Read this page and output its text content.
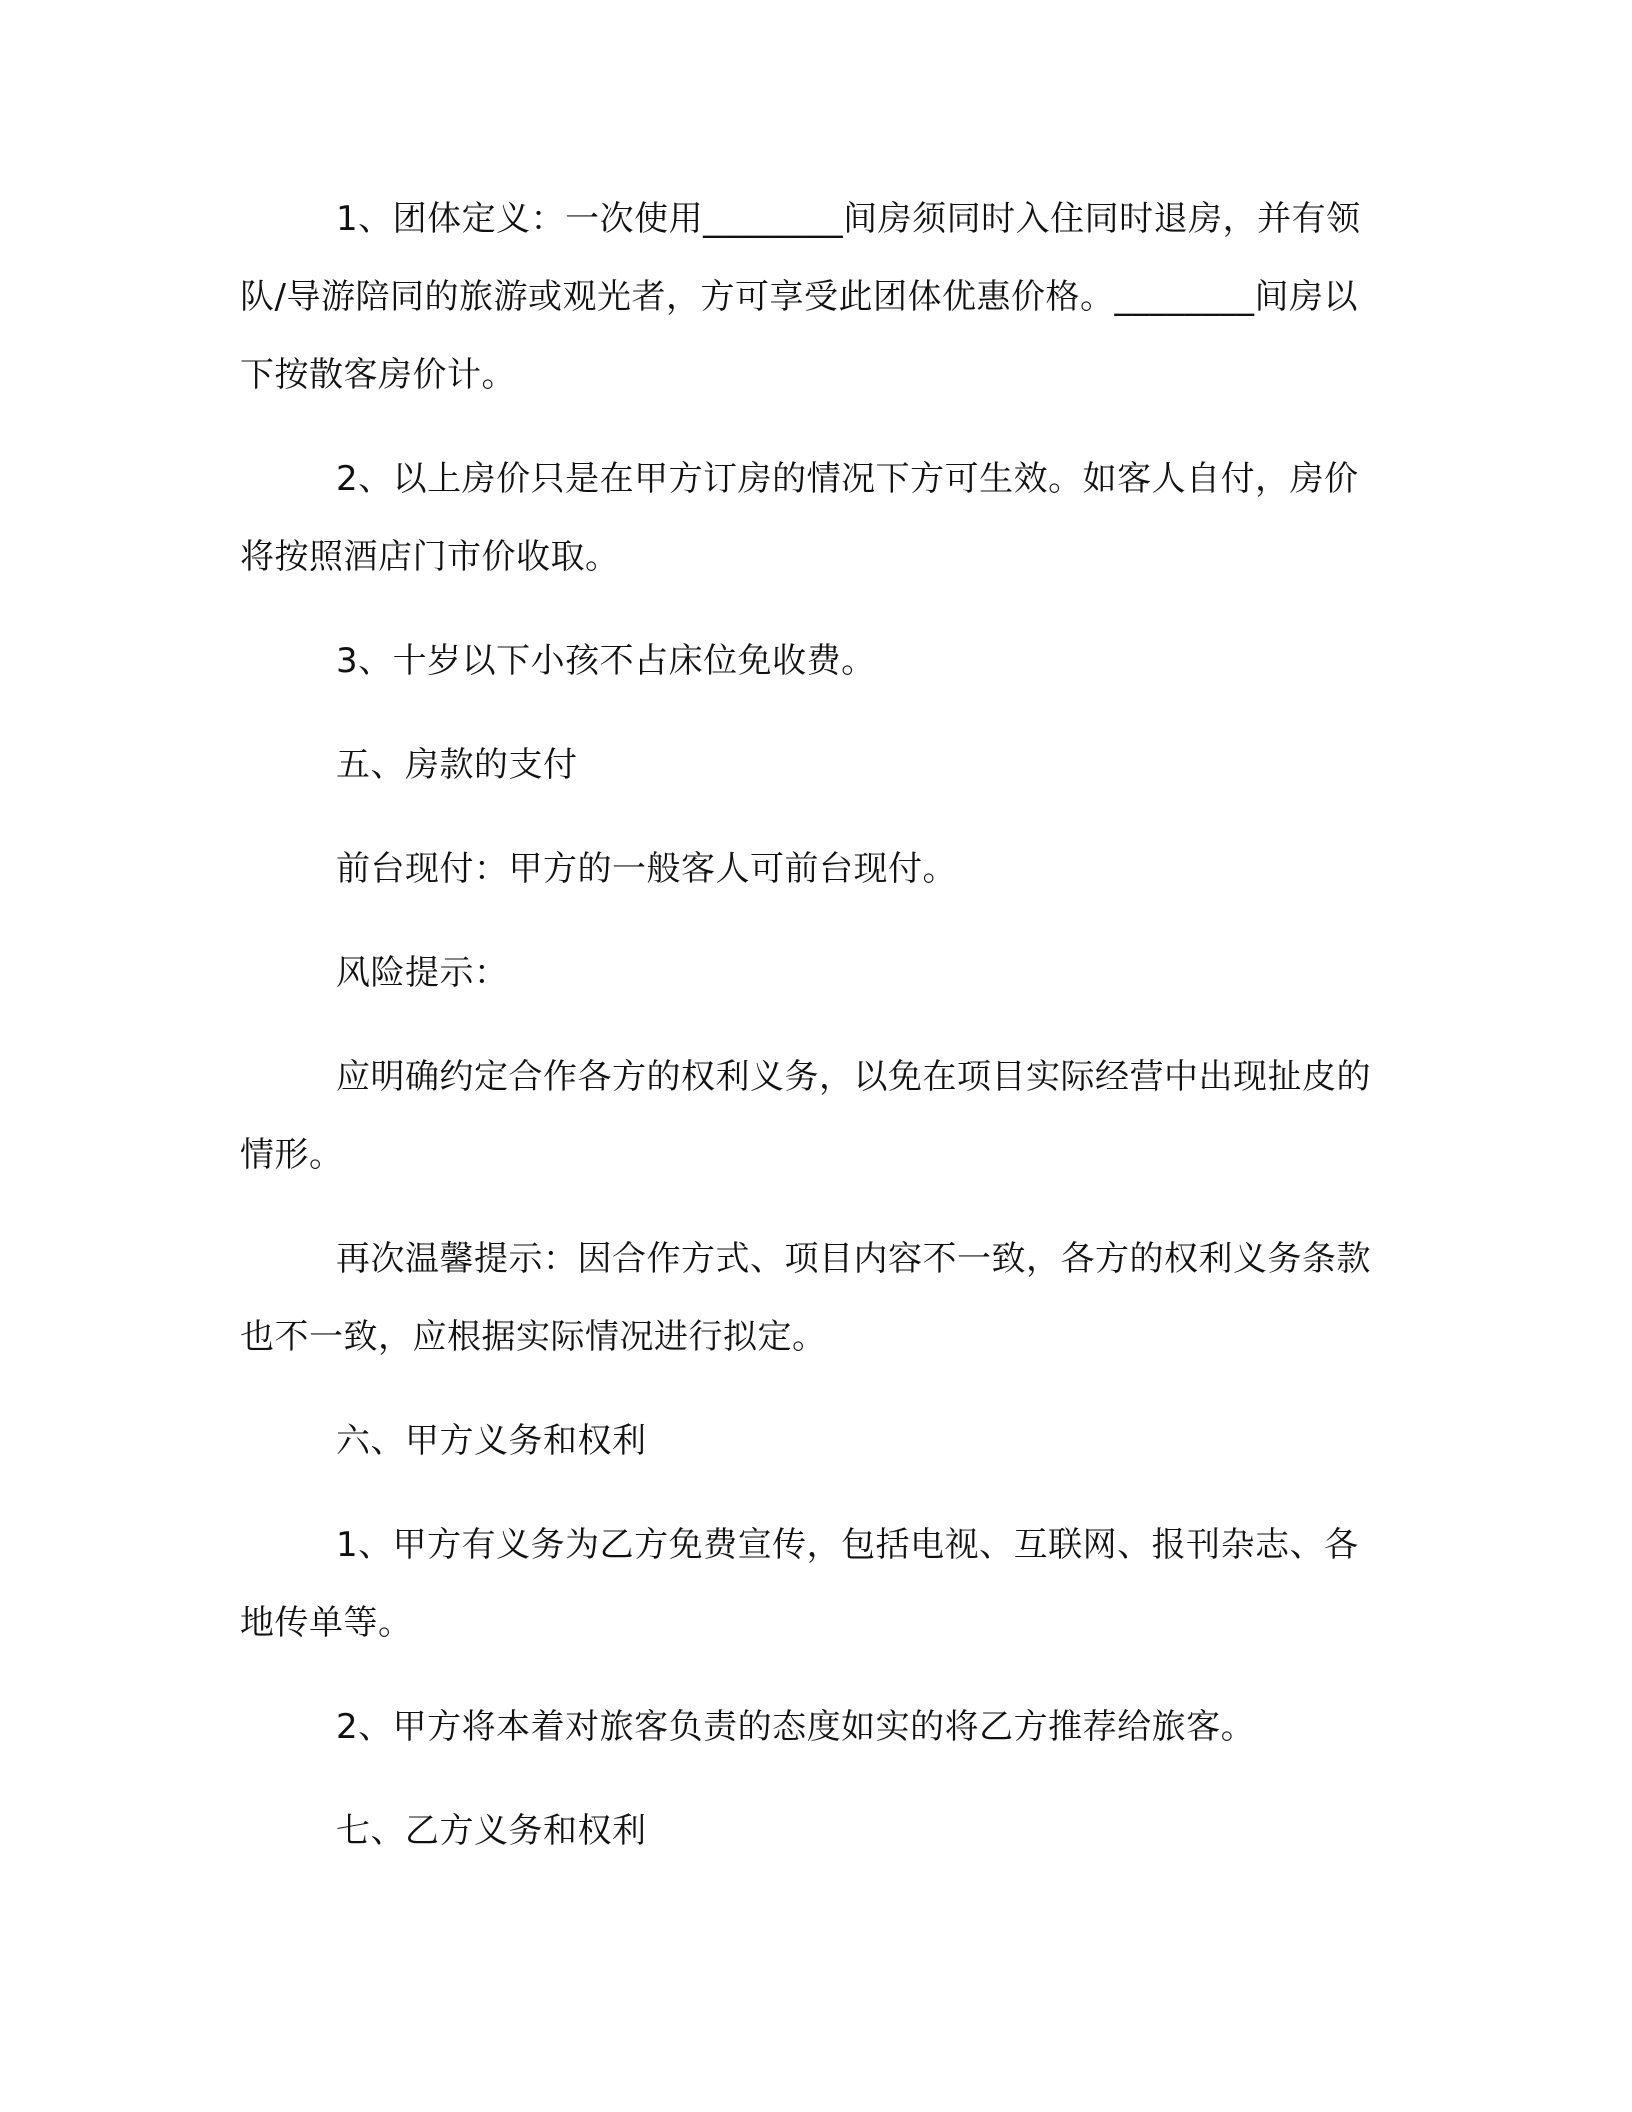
1、团体定义：一次使用________间房须同时入住同时退房，并有领队/导游陪同的旅游或观光者，方可享受此团体优惠价格。________间房以下按散客房价计。

2、以上房价只是在甲方订房的情况下方可生效。如客人自付，房价将按照酒店门市价收取。

3、十岁以下小孩不占床位免收费。

五、房款的支付

前台现付：甲方的一般客人可前台现付。

风险提示：

应明确约定合作各方的权利义务，以免在项目实际经营中出现扯皮的情形。

再次温馨提示：因合作方式、项目内容不一致，各方的权利义务条款也不一致，应根据实际情况进行拟定。

六、甲方义务和权利

1、甲方有义务为乙方免费宣传，包括电视、互联网、报刊杂志、各地传单等。

2、甲方将本着对旅客负责的态度如实的将乙方推荐给旅客。

七、乙方义务和权利
